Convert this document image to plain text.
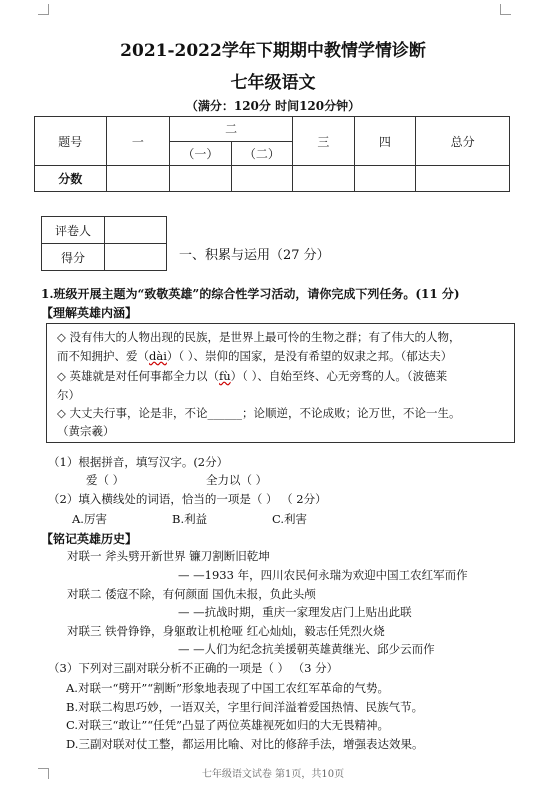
2021-2022学年下期期中教情学情诊断
七年级语文
（满分：120分 时间120分钟）
题号	一	二		三	四	总分
		（一）	（二）			
分数						
评卷人	
得分		一、积累与运用（27 分）
1.班级开展主题为“致敬英雄”的综合性学习活动，请你完成下列任务。(11 分)
【理解英雄内涵】
◇ 没有伟大的人物出现的民族，是世界上最可怜的生物之群；有了伟大的人物，
而不知拥护、爱（dài）（ ）、崇仰的国家，是没有希望的奴隶之邦。（郁达夫）
◇ 英雄就是对任何事都全力以（fù）（ ）、自始至终、心无旁骛的人。（波德莱
尔）
◇ 大丈夫行事，论是非，不论______；论顺逆，不论成败；论万世，不论一生。
（黄宗羲）
（1）根据拼音，填写汉字。(2分）
爱（ ）	全力以（ ）
（2）填入横线处的词语，恰当的一项是（ ） （ 2分）
A.厉害	B.利益	C.利害
【铭记英雄历史】
对联一 斧头劈开新世界 镰刀割断旧乾坤
— —1933 年，四川农民何永瑞为欢迎中国工农红军而作
对联二 倭寇不除，有何颜面 国仇未报，负此头颅
— —抗战时期，重庆一家理发店门上贴出此联
对联三 铁骨铮铮，身躯敢让机枪哑 红心灿灿，毅志任凭烈火烧
— —人们为纪念抗美援朝英雄黄继光、邱少云而作
（3）下列对三副对联分析不正确的一项是（ ） （3 分）
A.对联一“劈开”“割断”形象地表现了中国工农红军革命的气势。
B.对联二构思巧妙，一语双关，字里行间洋溢着爱国热情、民族气节。
C.对联三“敢让”“任凭”凸显了两位英雄视死如归的大无畏精神。
D.三副对联对仗工整，都运用比喻、对比的修辞手法，增强表达效果。
七年级语文试卷 第1页，共10页
